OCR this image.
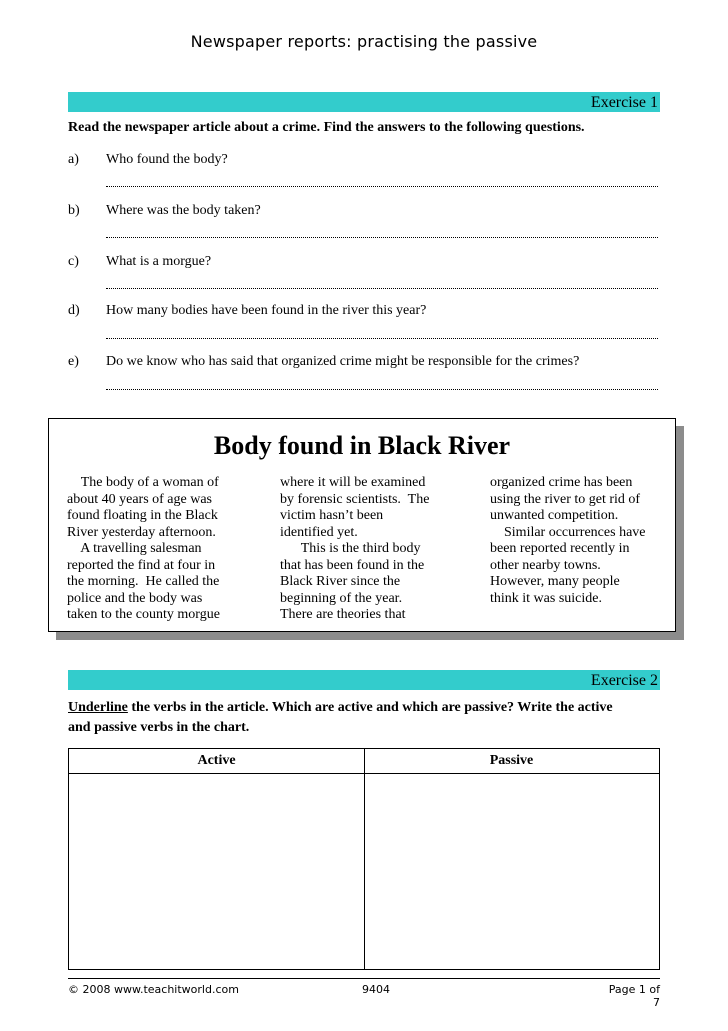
Newspaper reports: practising the passive
Exercise 1
Read the newspaper article about a crime. Find the answers to the following questions.
a) Who found the body?
b) Where was the body taken?
c) What is a morgue?
d) How many bodies have been found in the river this year?
e) Do we know who has said that organized crime might be responsible for the crimes?
Body found in Black River
The body of a woman of
about 40 years of age was
found floating in the Black
River yesterday afternoon.
A travelling salesman
reported the find at four in
the morning.  He called the
police and the body was
taken to the county morgue
where it will be examined
by forensic scientists.  The
victim hasn’t been
identified yet.
This is the third body
that has been found in the
Black River since the
beginning of the year.
There are theories that
organized crime has been
using the river to get rid of
unwanted competition.
Similar occurrences have
been reported recently in
other nearby towns.
However, many people
think it was suicide.
Exercise 2
Underline the verbs in the article. Which are active and which are passive? Write the active
and passive verbs in the chart.
Active	Passive
© 2008 www.teachitworld.com	9404	Page 1 of 7
